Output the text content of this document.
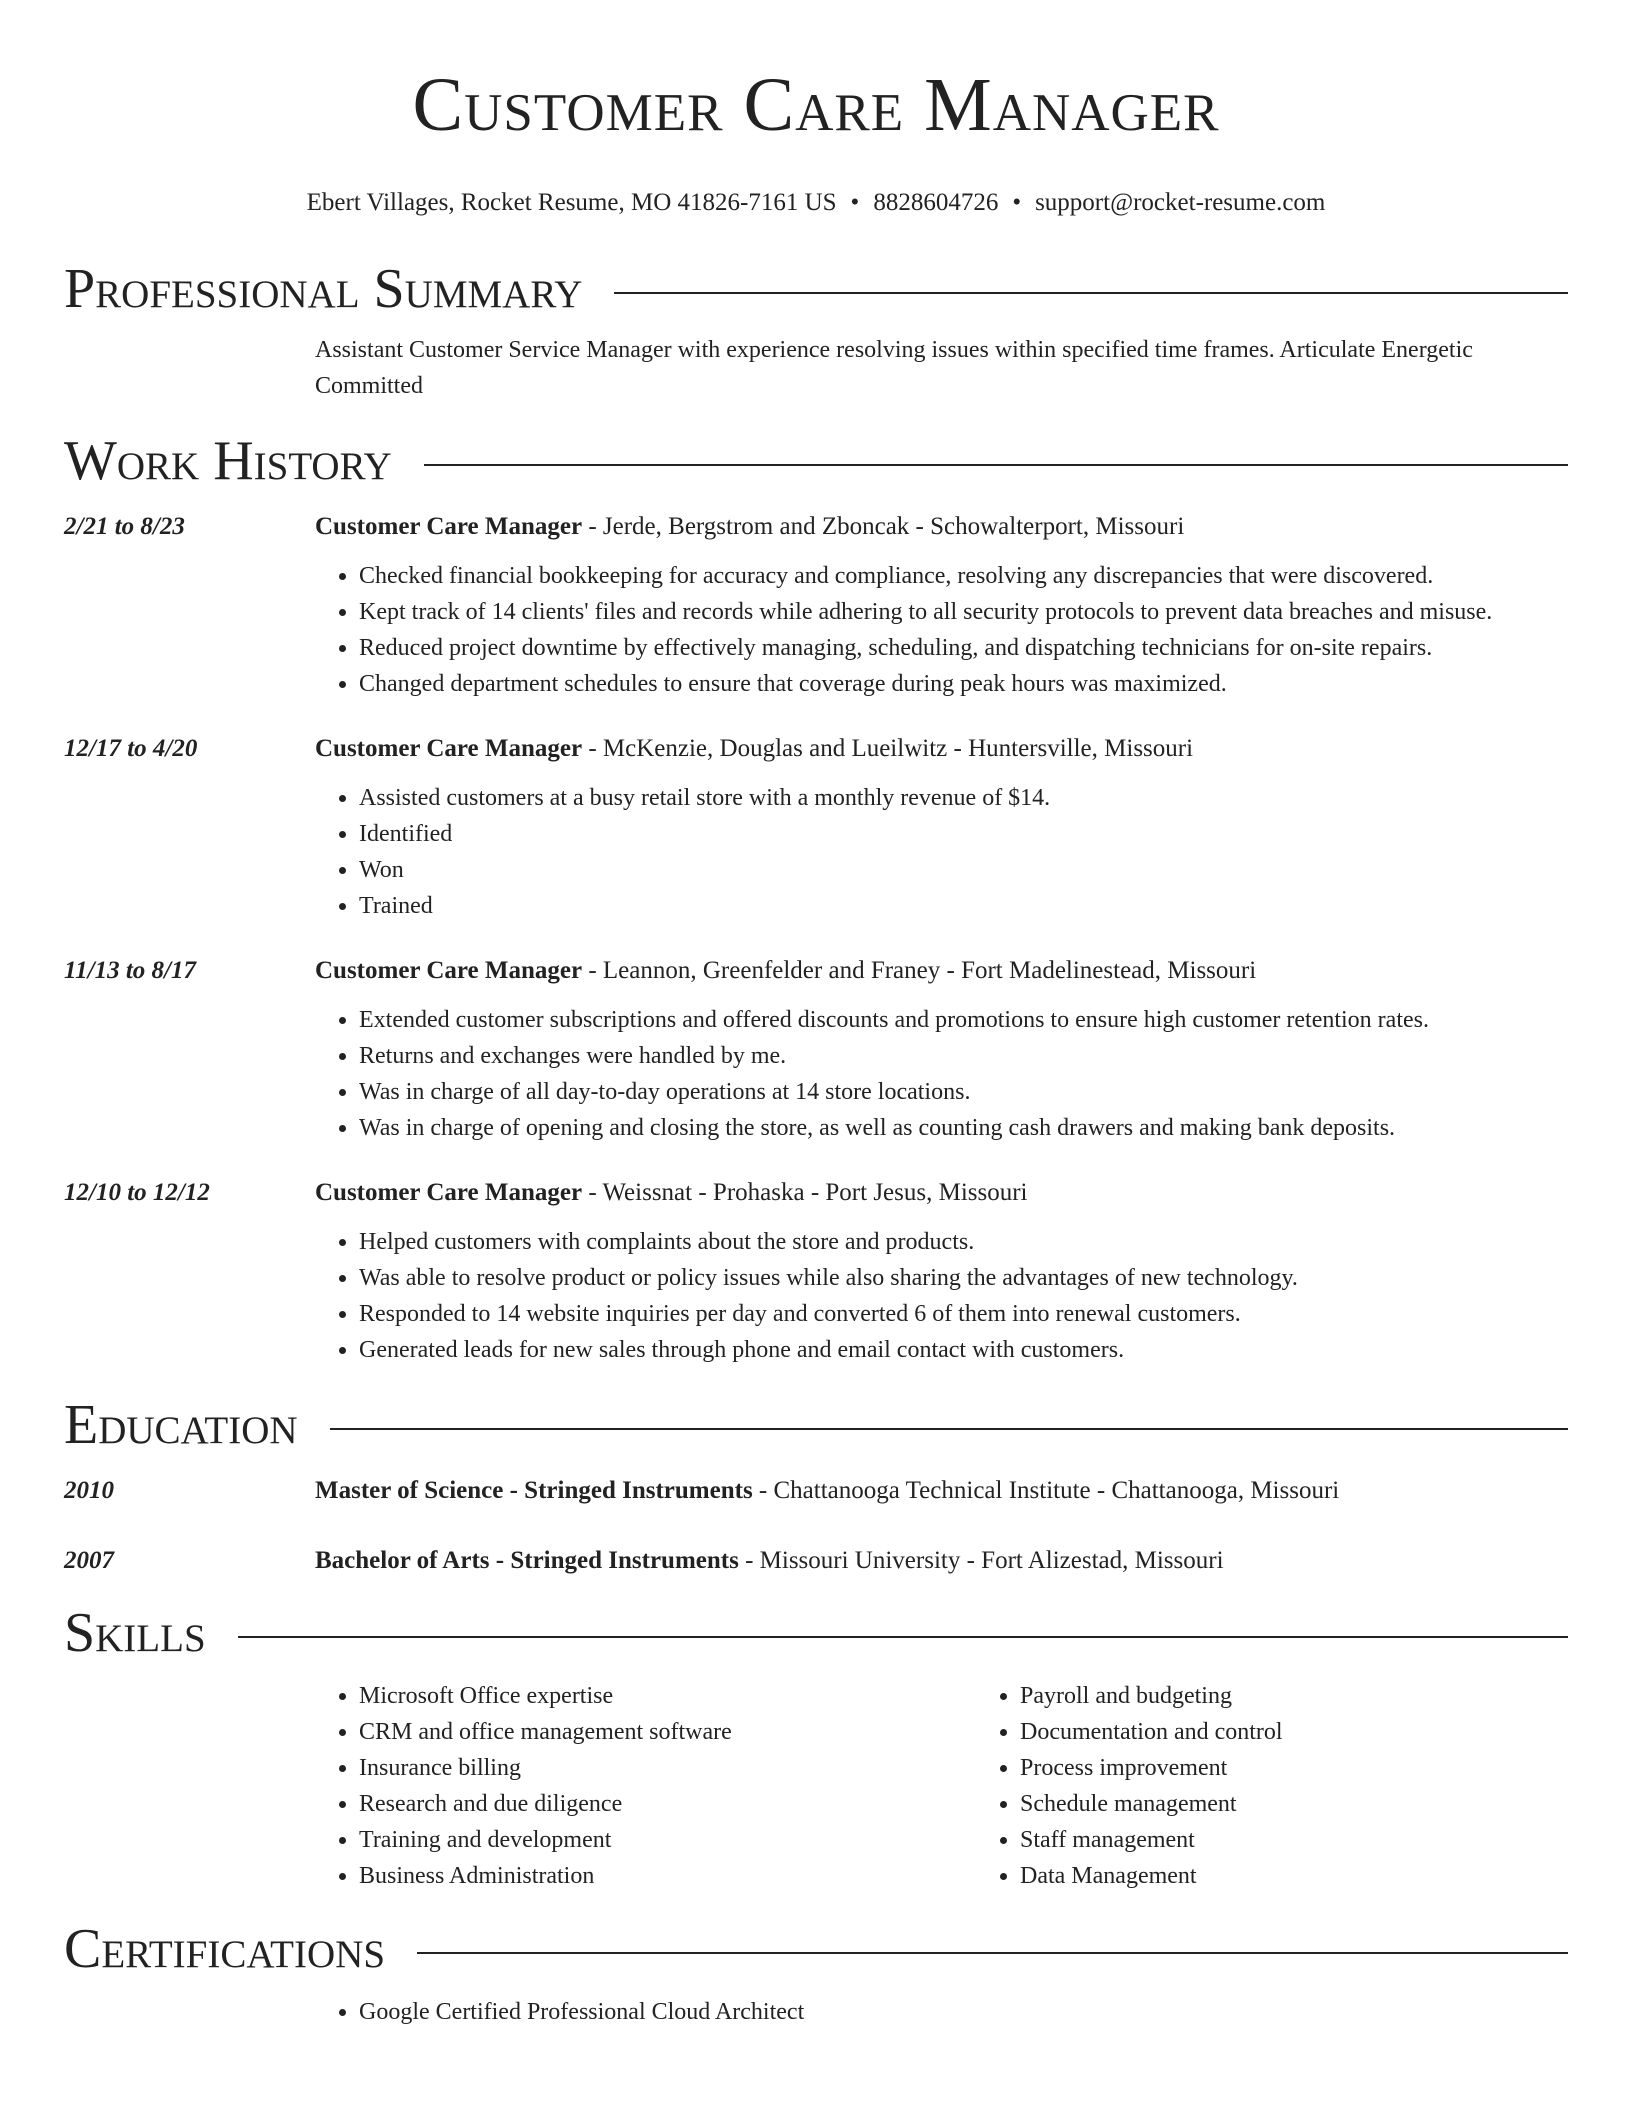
Customer Care Manager
Ebert Villages, Rocket Resume, MO 41826-7161 US • 8828604726 • support@rocket-resume.com
Professional Summary
Assistant Customer Service Manager with experience resolving issues within specified time frames. Articulate Energetic Committed
Work History
2/21 to 8/23	Customer Care Manager - Jerde, Bergstrom and Zboncak - Schowalterport, Missouri
• Checked financial bookkeeping for accuracy and compliance, resolving any discrepancies that were discovered.
• Kept track of 14 clients' files and records while adhering to all security protocols to prevent data breaches and misuse.
• Reduced project downtime by effectively managing, scheduling, and dispatching technicians for on-site repairs.
• Changed department schedules to ensure that coverage during peak hours was maximized.
12/17 to 4/20	Customer Care Manager - McKenzie, Douglas and Lueilwitz - Huntersville, Missouri
• Assisted customers at a busy retail store with a monthly revenue of $14.
• Identified
• Won
• Trained
11/13 to 8/17	Customer Care Manager - Leannon, Greenfelder and Franey - Fort Madelinestead, Missouri
• Extended customer subscriptions and offered discounts and promotions to ensure high customer retention rates.
• Returns and exchanges were handled by me.
• Was in charge of all day-to-day operations at 14 store locations.
• Was in charge of opening and closing the store, as well as counting cash drawers and making bank deposits.
12/10 to 12/12	Customer Care Manager - Weissnat - Prohaska - Port Jesus, Missouri
• Helped customers with complaints about the store and products.
• Was able to resolve product or policy issues while also sharing the advantages of new technology.
• Responded to 14 website inquiries per day and converted 6 of them into renewal customers.
• Generated leads for new sales through phone and email contact with customers.
Education
2010	Master of Science - Stringed Instruments - Chattanooga Technical Institute - Chattanooga, Missouri
2007	Bachelor of Arts - Stringed Instruments - Missouri University - Fort Alizestad, Missouri
Skills
• Microsoft Office expertise
• CRM and office management software
• Insurance billing
• Research and due diligence
• Training and development
• Business Administration
• Payroll and budgeting
• Documentation and control
• Process improvement
• Schedule management
• Staff management
• Data Management
Certifications
• Google Certified Professional Cloud Architect
